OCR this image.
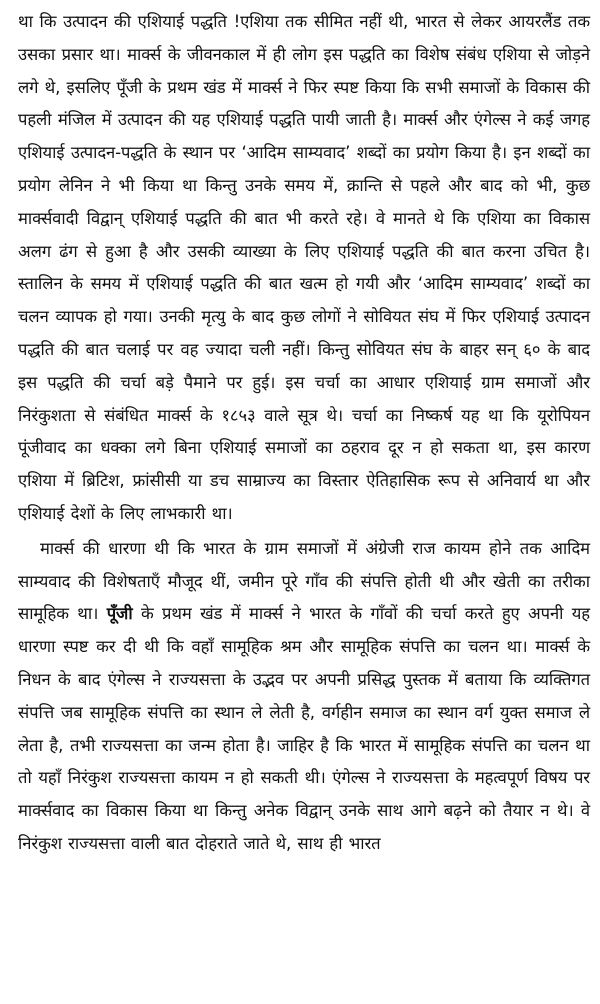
था कि उत्पादन की एशियाई पद्धति !एशिया तक सीमित नहीं थी, भारत से लेकर आयरलैंड तक उसका प्रसार था। मार्क्स के जीवनकाल में ही लोग इस पद्धति का विशेष संबंध एशिया से जोड़ने लगे थे, इसलिए पूँजी के प्रथम खंड में मार्क्स ने फिर स्पष्ट किया कि सभी समाजों के विकास की पहली मंजिल में उत्पादन की यह एशियाई पद्धति पायी जाती है। मार्क्स और एंगेल्स ने कई जगह एशियाई उत्पादन-पद्धति के स्थान पर ‘आदिम साम्यवाद’ शब्दों का प्रयोग किया है। इन शब्दों का प्रयोग लेनिन ने भी किया था किन्तु उनके समय में, क्रान्ति से पहले और बाद को भी, कुछ मार्क्सवादी विद्वान् एशियाई पद्धति की बात भी करते रहे। वे मानते थे कि एशिया का विकास अलग ढंग से हुआ है और उसकी व्याख्या के लिए एशियाई पद्धति की बात करना उचित है। स्तालिन के समय में एशियाई पद्धति की बात खत्म हो गयी और ‘आदिम साम्यवाद’ शब्दों का चलन व्यापक हो गया। उनकी मृत्यु के बाद कुछ लोगों ने सोवियत संघ में फिर एशियाई उत्पादन पद्धति की बात चलाई पर वह ज्यादा चली नहीं। किन्तु सोवियत संघ के बाहर सन् ६० के बाद इस पद्धति की चर्चा बड़े पैमाने पर हुई। इस चर्चा का आधार एशियाई ग्राम समाजों और निरंकुशता से संबंधित मार्क्स के १८५३ वाले सूत्र थे। चर्चा का निष्कर्ष यह था कि यूरोपियन पूंजीवाद का धक्का लगे बिना एशियाई समाजों का ठहराव दूर न हो सकता था, इस कारण एशिया में ब्रिटिश, फ्रांसीसी या डच साम्राज्य का विस्तार ऐतिहासिक रूप से अनिवार्य था और एशियाई देशों के लिए लाभकारी था।

मार्क्स की धारणा थी कि भारत के ग्राम समाजों में अंग्रेजी राज कायम होने तक आदिम साम्यवाद की विशेषताएँ मौजूद थीं, जमीन पूरे गाँव की संपत्ति होती थी और खेती का तरीका सामूहिक था। पूँजी के प्रथम खंड में मार्क्स ने भारत के गाँवों की चर्चा करते हुए अपनी यह धारणा स्पष्ट कर दी थी कि वहाँ सामूहिक श्रम और सामूहिक संपत्ति का चलन था। मार्क्स के निधन के बाद एंगेल्स ने राज्यसत्ता के उद्भव पर अपनी प्रसिद्ध पुस्तक में बताया कि व्यक्तिगत संपत्ति जब सामूहिक संपत्ति का स्थान ले लेती है, वर्गहीन समाज का स्थान वर्ग युक्त समाज ले लेता है, तभी राज्यसत्ता का जन्म होता है। जाहिर है कि भारत में सामूहिक संपत्ति का चलन था तो यहाँ निरंकुश राज्यसत्ता कायम न हो सकती थी। एंगेल्स ने राज्यसत्ता के महत्वपूर्ण विषय पर मार्क्सवाद का विकास किया था किन्तु अनेक विद्वान् उनके साथ आगे बढ़ने को तैयार न थे। वे निरंकुश राज्यसत्ता वाली बात दोहराते जाते थे, साथ ही भारत
